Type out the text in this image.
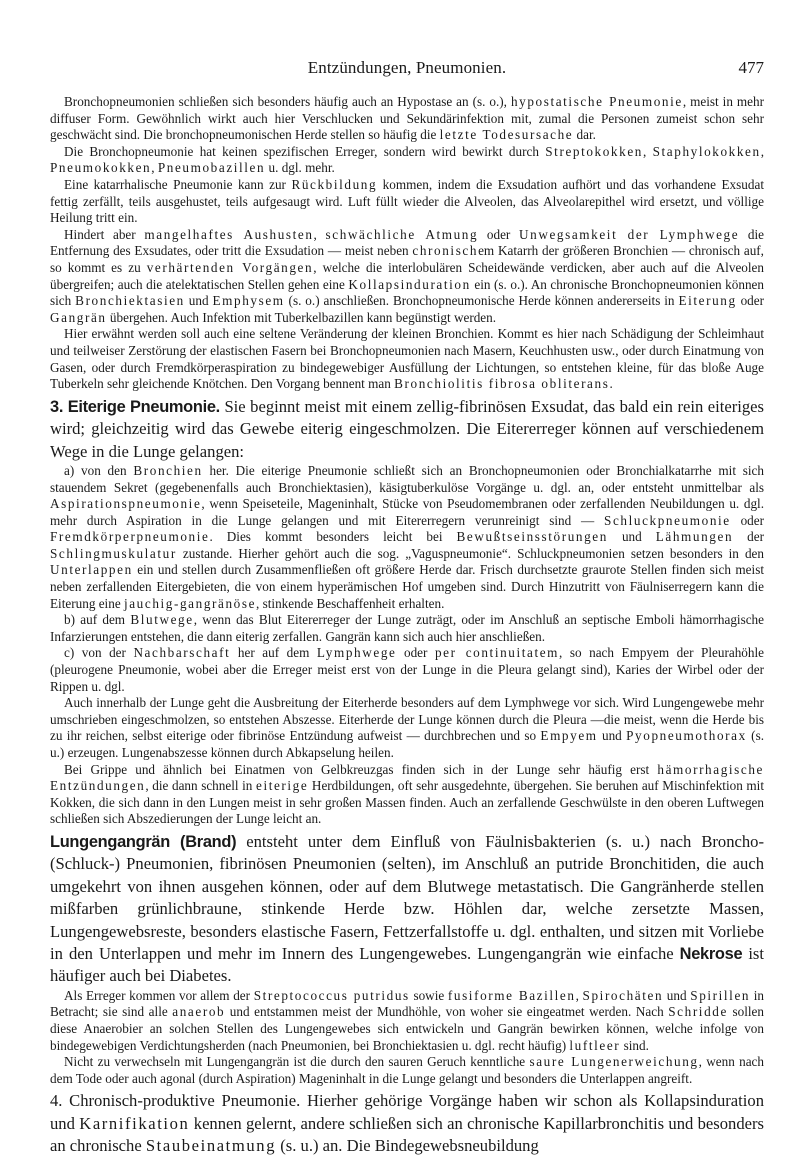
Entzündungen, Pneumonien.	477

Bronchopneumonien schließen sich besonders häufig auch an Hypostase an (s. o.), hypostatische Pneumonie, meist in mehr diffuser Form. Gewöhnlich wirkt auch hier Verschlucken und Sekundärinfektion mit, zumal die Personen zumeist schon sehr geschwächt sind. Die bronchopneumonischen Herde stellen so häufig die letzte Todesursache dar.

Die Bronchopneumonie hat keinen spezifischen Erreger, sondern wird bewirkt durch Streptokokken, Staphylokokken, Pneumokokken, Pneumobazillen u. dgl. mehr.

Eine katarrhalische Pneumonie kann zur Rückbildung kommen, indem die Exsudation aufhört und das vorhandene Exsudat fettig zerfällt, teils ausgehustet, teils aufgesaugt wird. Luft füllt wieder die Alveolen, das Alveolarepithel wird ersetzt, und völlige Heilung tritt ein.

Hindert aber mangelhaftes Aushusten, schwächliche Atmung oder Unwegsamkeit der Lymphwege die Entfernung des Exsudates, oder tritt die Exsudation — meist neben chronischem Katarrh der größeren Bronchien — chronisch auf, so kommt es zu verhärtenden Vorgängen, welche die interlobulären Scheidewände verdicken, aber auch auf die Alveolen übergreifen; auch die atelektatischen Stellen gehen eine Kollapsinduration ein (s. o.). An chronische Bronchopneumonien können sich Bronchiektasien und Emphysem (s. o.) anschließen. Bronchopneumonische Herde können andererseits in Eiterung oder Gangrän übergehen. Auch Infektion mit Tuberkelbazillen kann begünstigt werden.

Hier erwähnt werden soll auch eine seltene Veränderung der kleinen Bronchien. Kommt es hier nach Schädigung der Schleimhaut und teilweiser Zerstörung der elastischen Fasern bei Bronchopneumonien nach Masern, Keuchhusten usw., oder durch Einatmung von Gasen, oder durch Fremdkörperaspiration zu bindegewebiger Ausfüllung der Lichtungen, so entstehen kleine, für das bloße Auge Tuberkeln sehr gleichende Knötchen. Den Vorgang bennent man Bronchiolitis fibrosa obliterans.

3. Eiterige Pneumonie. Sie beginnt meist mit einem zellig-fibrinösen Exsudat, das bald ein rein eiteriges wird; gleichzeitig wird das Gewebe eiterig eingeschmolzen. Die Eitererreger können auf verschiedenem Wege in die Lunge gelangen:

a) von den Bronchien her. Die eiterige Pneumonie schließt sich an Bronchopneumonien oder Bronchialkatarrhe mit sich stauendem Sekret (gegebenenfalls auch Bronchiektasien), käsigtuberkulöse Vorgänge u. dgl. an, oder entsteht unmittelbar als Aspirationspneumonie, wenn Speiseteile, Mageninhalt, Stücke von Pseudomembranen oder zerfallenden Neubildungen u. dgl. mehr durch Aspiration in die Lunge gelangen und mit Eitererregern verunreinigt sind — Schluckpneumonie oder Fremdkörperpneumonie. Dies kommt besonders leicht bei Bewußtseinsstörungen und Lähmungen der Schlingmuskulatur zustande. Hierher gehört auch die sog. „Vaguspneumonie“. Schluckpneumonien setzen besonders in den Unterlappen ein und stellen durch Zusammenfließen oft größere Herde dar. Frisch durchsetzte graurote Stellen finden sich meist neben zerfallenden Eitergebieten, die von einem hyperämischen Hof umgeben sind. Durch Hinzutritt von Fäulniserregern kann die Eiterung eine jauchig-gangränöse, stinkende Beschaffenheit erhalten.

b) auf dem Blutwege, wenn das Blut Eitererreger der Lunge zuträgt, oder im Anschluß an septische Emboli hämorrhagische Infarzierungen entstehen, die dann eiterig zerfallen. Gangrän kann sich auch hier anschließen.

c) von der Nachbarschaft her auf dem Lymphwege oder per continuitatem, so nach Empyem der Pleurahöhle (pleurogene Pneumonie, wobei aber die Erreger meist erst von der Lunge in die Pleura gelangt sind), Karies der Wirbel oder der Rippen u. dgl.

Auch innerhalb der Lunge geht die Ausbreitung der Eiterherde besonders auf dem Lymphwege vor sich. Wird Lungengewebe mehr umschrieben eingeschmolzen, so entstehen Abszesse. Eiterherde der Lunge können durch die Pleura —die meist, wenn die Herde bis zu ihr reichen, selbst eiterige oder fibrinöse Entzündung aufweist — durchbrechen und so Empyem und Pyopneumothorax (s. u.) erzeugen. Lungenabszesse können durch Abkapselung heilen.

Bei Grippe und ähnlich bei Einatmen von Gelbkreuzgas finden sich in der Lunge sehr häufig erst hämorrhagische Entzündungen, die dann schnell in eiterige Herdbildungen, oft sehr ausgedehnte, übergehen. Sie beruhen auf Mischinfektion mit Kokken, die sich dann in den Lungen meist in sehr großen Massen finden. Auch an zerfallende Geschwülste in den oberen Luftwegen schließen sich Abszedierungen der Lunge leicht an.

Lungengangrän (Brand) entsteht unter dem Einfluß von Fäulnisbakterien (s. u.) nach Broncho- (Schluck-) Pneumonien, fibrinösen Pneumonien (selten), im Anschluß an putride Bronchitiden, die auch umgekehrt von ihnen ausgehen können, oder auf dem Blutwege metastatisch. Die Gangränherde stellen mißfarben grünlichbraune, stinkende Herde bzw. Höhlen dar, welche zersetzte Massen, Lungengewebsreste, besonders elastische Fasern, Fettzerfallstoffe u. dgl. enthalten, und sitzen mit Vorliebe in den Unterlappen und mehr im Innern des Lungengewebes. Lungengangrän wie einfache Nekrose ist häufiger auch bei Diabetes.

Als Erreger kommen vor allem der Streptococcus putridus sowie fusiforme Bazillen, Spirochäten und Spirillen in Betracht; sie sind alle anaerob und entstammen meist der Mundhöhle, von woher sie eingeatmet werden. Nach Schridde sollen diese Anaerobier an solchen Stellen des Lungengewebes sich entwickeln und Gangrän bewirken können, welche infolge von bindegewebigen Verdichtungsherden (nach Pneumonien, bei Bronchiektasien u. dgl. recht häufig) luftleer sind.

Nicht zu verwechseln mit Lungengangrän ist die durch den sauren Geruch kenntliche saure Lungenerweichung, wenn nach dem Tode oder auch agonal (durch Aspiration) Mageninhalt in die Lunge gelangt und besonders die Unterlappen angreift.

4. Chronisch-produktive Pneumonie. Hierher gehörige Vorgänge haben wir schon als Kollapsinduration und Karnifikation kennen gelernt, andere schließen sich an chronische Kapillarbronchitis und besonders an chronische Staubeinatmung (s. u.) an. Die Bindegewebsneubildung
